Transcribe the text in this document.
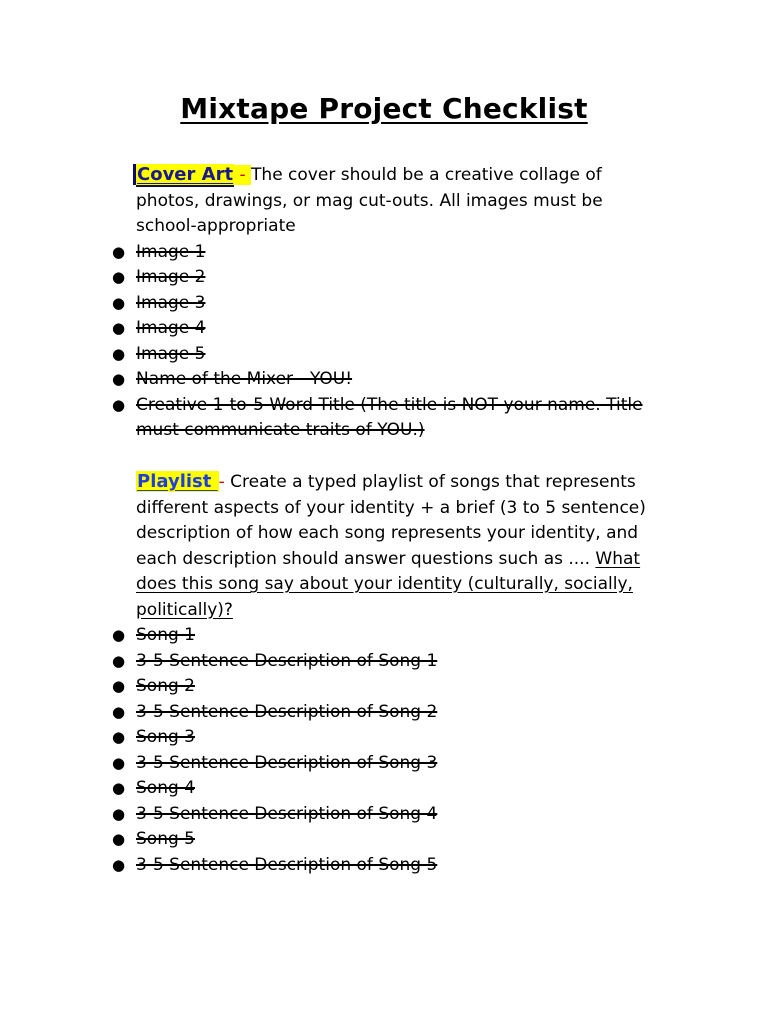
Mixtape Project Checklist

Cover Art - The cover should be a creative collage of photos, drawings, or mag cut-outs. All images must be school-appropriate

● Image 1
● Image 2
● Image 3
● Image 4
● Image 5
● Name of the Mixer - YOU!
● Creative 1-to-5 Word Title (The title is NOT your name. Title must communicate traits of YOU.)

Playlist - Create a typed playlist of songs that represents different aspects of your identity + a brief (3 to 5 sentence) description of how each song represents your identity, and each description should answer questions such as .... What does this song say about your identity (culturally, socially, politically)?

● Song 1
● 3-5 Sentence Description of Song 1
● Song 2
● 3-5 Sentence Description of Song 2
● Song 3
● 3-5 Sentence Description of Song 3
● Song 4
● 3-5 Sentence Description of Song 4
● Song 5
● 3-5 Sentence Description of Song 5
